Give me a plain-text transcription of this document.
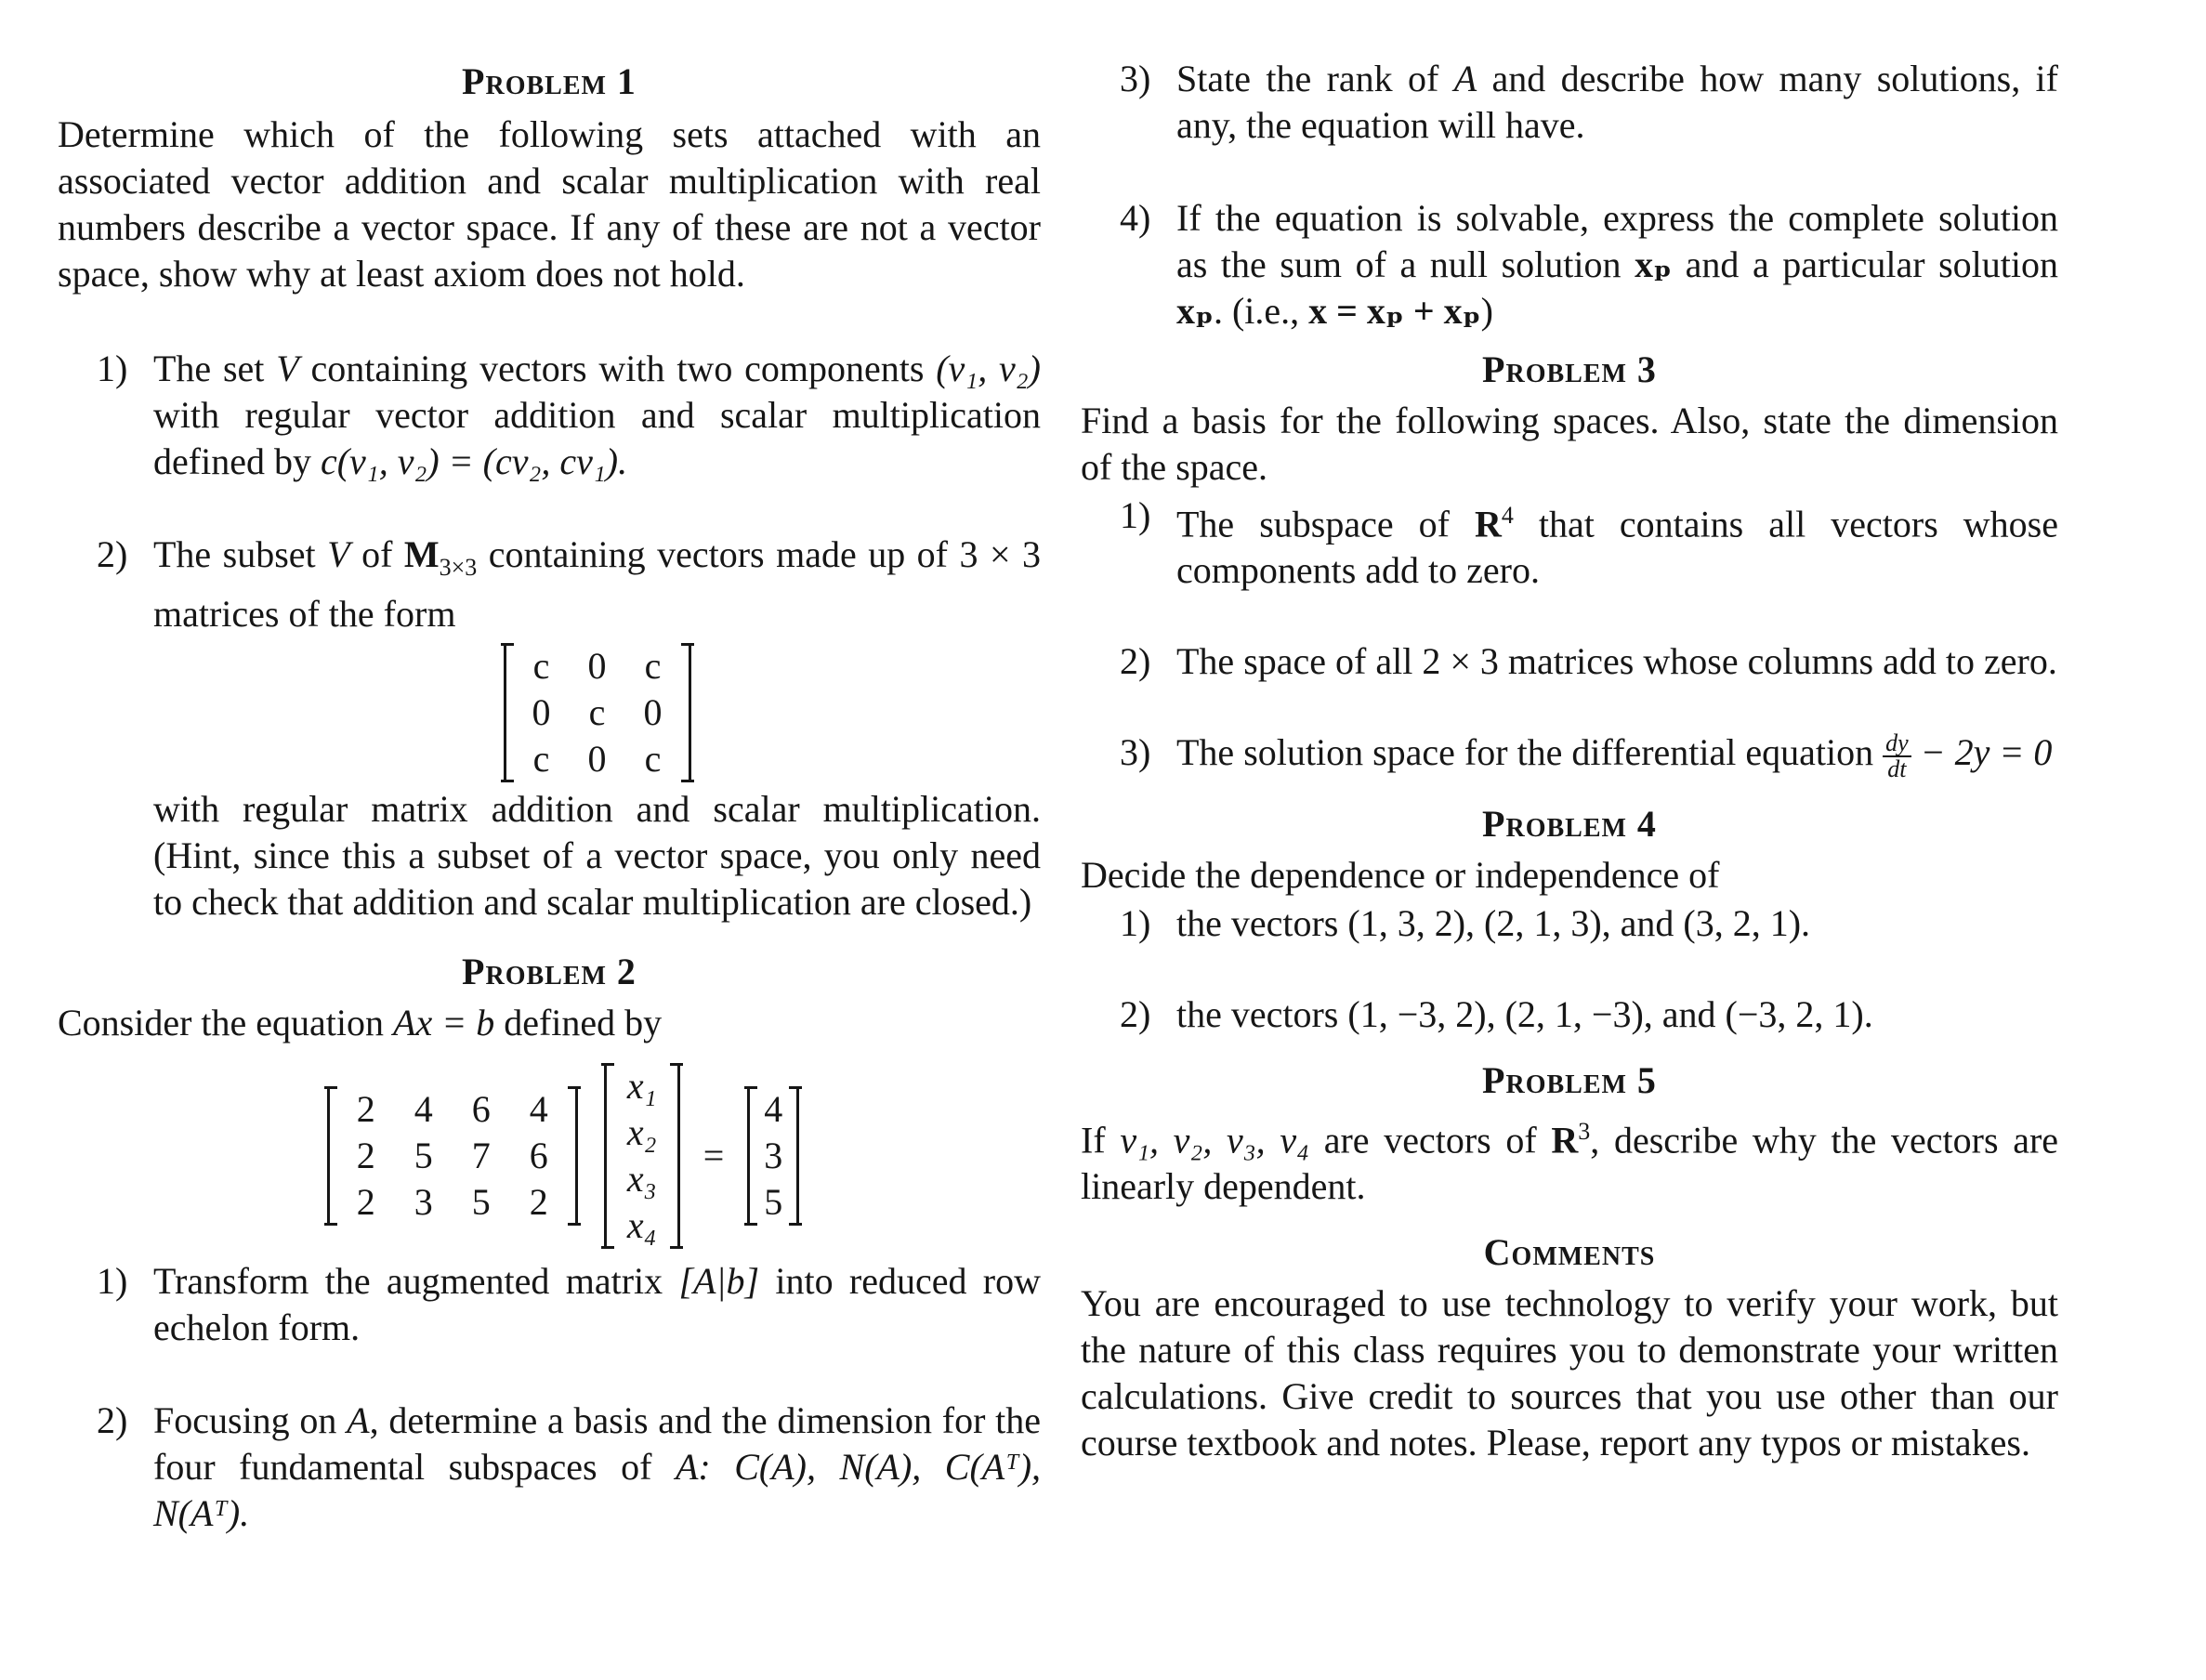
Problem 1

Determine which of the following sets attached with an associated vector addition and scalar multiplication with real numbers describe a vector space. If any of these are not a vector space, show why at least axiom does not hold.

1) The set V containing vectors with two components (v₁, v₂) with regular vector addition and scalar multiplication defined by c(v₁, v₂) = (cv₂, cv₁).

2) The subset V of $M_{3\times 3}$ containing vectors made up of 3 × 3 matrices of the form

c	0	c
0	c	0
c	0	c

with regular matrix addition and scalar multiplication. (Hint, since this a subset of a vector space, you only need to check that addition and scalar multiplication are closed.)

Problem 2

Consider the equation Ax = b defined by

2	4	6	4
2	5	7	6
2	3	5	2
x₁
x₂
x₃
x₄
=
4
3
5

1) Transform the augmented matrix [A|b] into reduced row echelon form.

2) Focusing on A, determine a basis and the dimension for the four fundamental subspaces of A: C(A), N(A), C(Aᵀ), N(Aᵀ).

3) State the rank of A and describe how many solutions, if any, the equation will have.

4) If the equation is solvable, express the complete solution as the sum of a null solution xₚ and a particular solution xₚ. (i.e., x = xₚ + xₚ)

Problem 3

Find a basis for the following spaces. Also, state the dimension of the space.

1) The subspace of $R^4$ that contains all vectors whose components add to zero.

2) The space of all 2 × 3 matrices whose columns add to zero.

3) The solution space for the differential equation $\frac{dy}{dt} - 2y = 0$

Problem 4

Decide the dependence or independence of

1) the vectors (1, 3, 2), (2, 1, 3), and (3, 2, 1).

2) the vectors (1, −3, 2), (2, 1, −3), and (−3, 2, 1).

Problem 5

If v₁, v₂, v₃, v₄ are vectors of $R^3$, describe why the vectors are linearly dependent.

Comments

You are encouraged to use technology to verify your work, but the nature of this class requires you to demonstrate your written calculations. Give credit to sources that you use other than our course textbook and notes. Please, report any typos or mistakes.
